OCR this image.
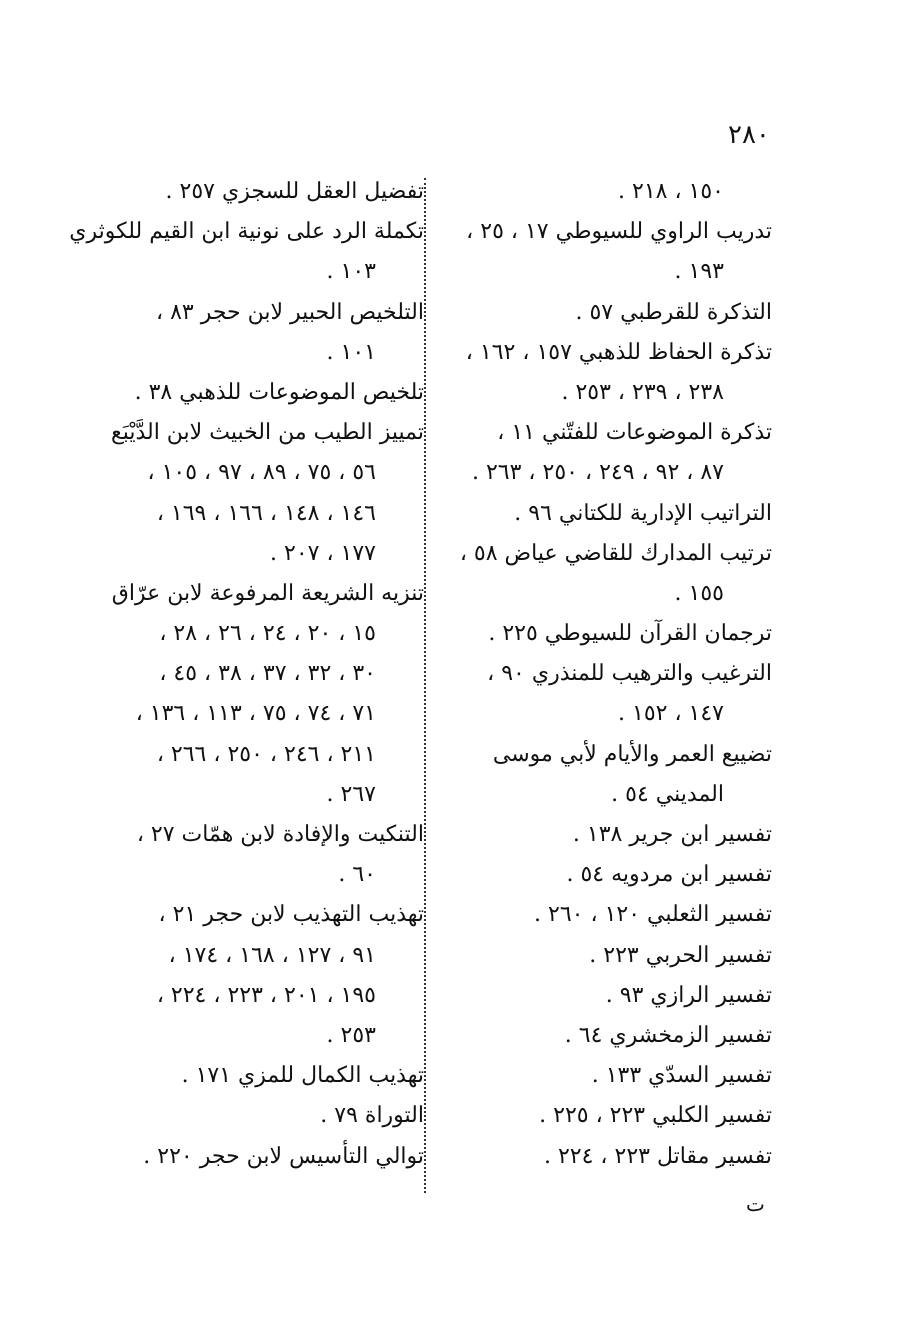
٢٨٠
١٥٠ ، ٢١٨ .
تدريب الراوي للسيوطي ١٧ ، ٢٥ ،
١٩٣ .
التذكرة للقرطبي ٥٧ .
تذكرة الحفاظ للذهبي ١٥٧ ، ١٦٢ ،
٢٣٨ ، ٢٣٩ ، ٢٥٣ .
تذكرة الموضوعات للفتّني ١١ ،
٨٧ ، ٩٢ ، ٢٤٩ ، ٢٥٠ ، ٢٦٣ .
التراتيب الإدارية للكتاني ٩٦ .
ترتيب المدارك للقاضي عياض ٥٨ ،
١٥٥ .
ترجمان القرآن للسيوطي ٢٢٥ .
الترغيب والترهيب للمنذري ٩٠ ،
١٤٧ ، ١٥٢ .
تضييع العمر والأيام لأبي موسى
المديني ٥٤ .
تفسير ابن جرير ١٣٨ .
تفسير ابن مردويه ٥٤ .
تفسير الثعلبي ١٢٠ ، ٢٦٠ .
تفسير الحربي ٢٢٣ .
تفسير الرازي ٩٣ .
تفسير الزمخشري ٦٤ .
تفسير السدّي ١٣٣ .
تفسير الكلبي ٢٢٣ ، ٢٢٥ .
تفسير مقاتل ٢٢٣ ، ٢٢٤ .
تفضيل العقل للسجزي ٢٥٧ .
تكملة الرد على نونية ابن القيم للكوثري
١٠٣ .
التلخيص الحبير لابن حجر ٨٣ ،
١٠١ .
تلخيص الموضوعات للذهبي ٣٨ .
تمييز الطيب من الخبيث لابن الدَّيْبَع
٥٦ ، ٧٥ ، ٨٩ ، ٩٧ ، ١٠٥ ،
١٤٦ ، ١٤٨ ، ١٦٦ ، ١٦٩ ،
١٧٧ ، ٢٠٧ .
تنزيه الشريعة المرفوعة لابن عرّاق
١٥ ، ٢٠ ، ٢٤ ، ٢٦ ، ٢٨ ،
٣٠ ، ٣٢ ، ٣٧ ، ٣٨ ، ٤٥ ،
٧١ ، ٧٤ ، ٧٥ ، ١١٣ ، ١٣٦ ،
٢١١ ، ٢٤٦ ، ٢٥٠ ، ٢٦٦ ،
٢٦٧ .
التنكيت والإفادة لابن همّات ٢٧ ،
٦٠ .
تهذيب التهذيب لابن حجر ٢١ ،
٩١ ، ١٢٧ ، ١٦٨ ، ١٧٤ ،
١٩٥ ، ٢٠١ ، ٢٢٣ ، ٢٢٤ ،
٢٥٣ .
تهذيب الكمال للمزي ١٧١ .
التوراة ٧٩ .
توالي التأسيس لابن حجر ٢٢٠ .
ت
